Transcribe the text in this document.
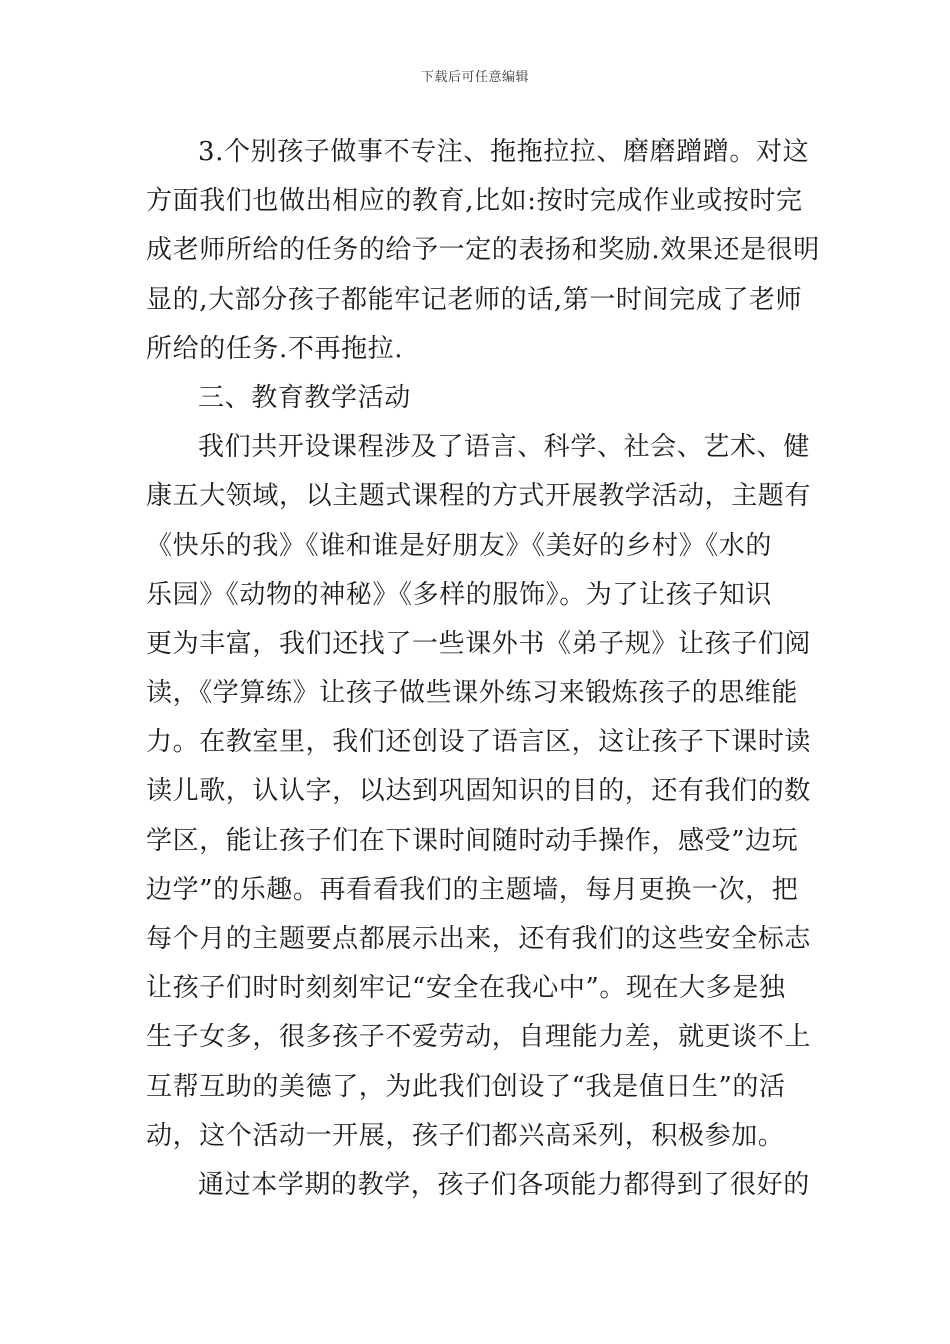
下载后可任意编辑
3.个别孩子做事不专注、拖拖拉拉、磨磨蹭蹭。对这
方面我们也做出相应的教育,比如:按时完成作业或按时完
成老师所给的任务的给予一定的表扬和奖励.效果还是很明
显的,大部分孩子都能牢记老师的话,第一时间完成了老师
所给的任务.不再拖拉.
三、教育教学活动
我们共开设课程涉及了语言、科学、社会、艺术、健
康五大领域，以主题式课程的方式开展教学活动，主题有
《快乐的我》《谁和谁是好朋友》《美好的乡村》《水的
乐园》《动物的神秘》《多样的服饰》。为了让孩子知识
更为丰富，我们还找了一些课外书《弟子规》让孩子们阅
读，《学算练》让孩子做些课外练习来锻炼孩子的思维能
力。在教室里，我们还创设了语言区，这让孩子下课时读
读儿歌，认认字，以达到巩固知识的目的，还有我们的数
学区，能让孩子们在下课时间随时动手操作，感受”边玩
边学”的乐趣。再看看我们的主题墙，每月更换一次，把
每个月的主题要点都展示出来，还有我们的这些安全标志
让孩子们时时刻刻牢记“安全在我心中”。现在大多是独
生子女多，很多孩子不爱劳动，自理能力差，就更谈不上
互帮互助的美德了，为此我们创设了“我是值日生”的活
动，这个活动一开展，孩子们都兴高采列，积极参加。
通过本学期的教学，孩子们各项能力都得到了很好的
